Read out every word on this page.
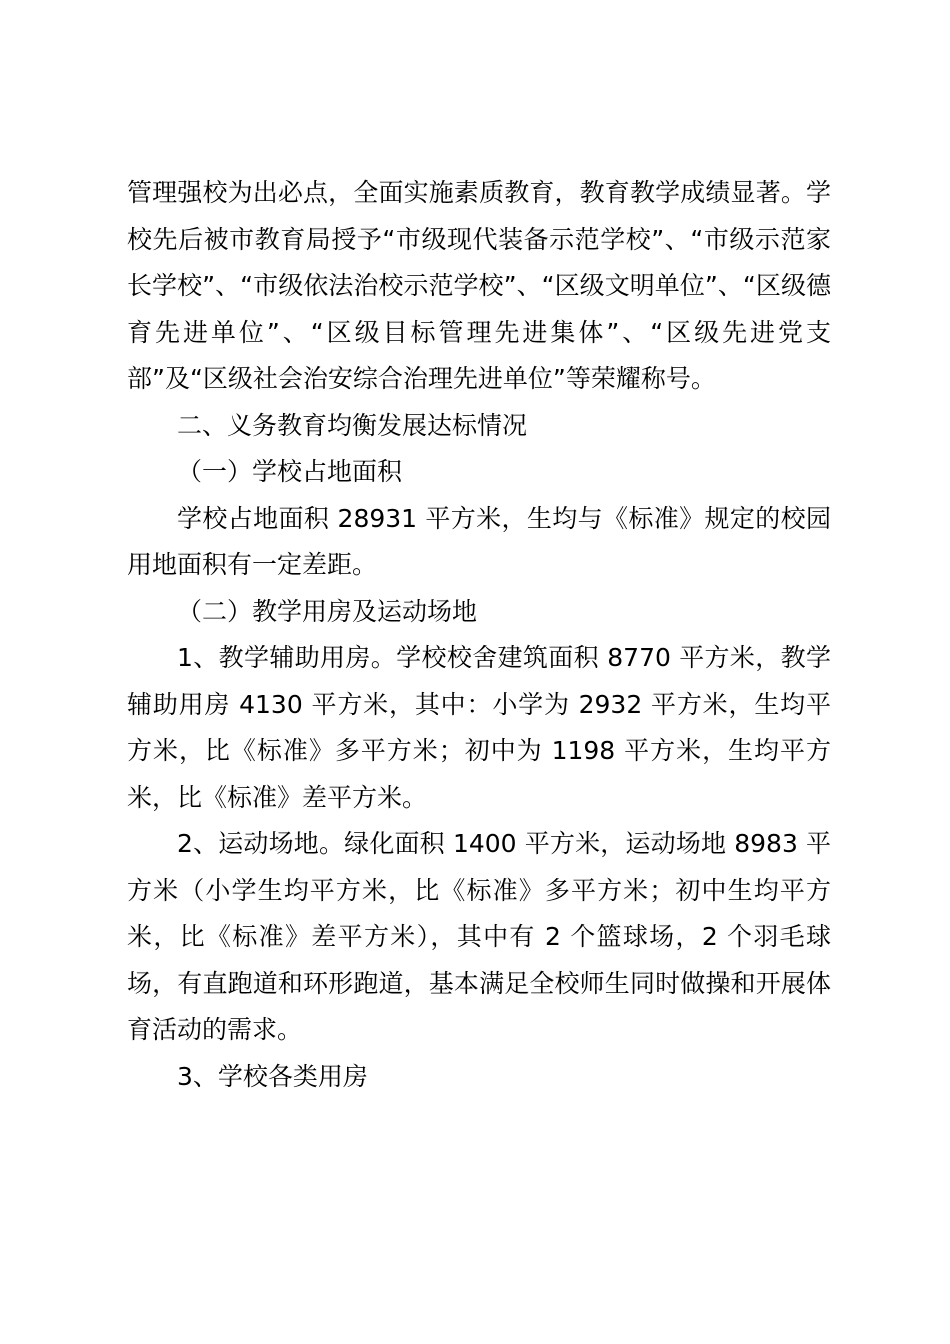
管理强校为出必点，全面实施素质教育，教育教学成绩显著。学校先后被市教育局授予“市级现代装备示范学校”、“市级示范家长学校”、“市级依法治校示范学校”、“区级文明单位”、“区级德育先进单位”、“区级目标管理先进集体”、“区级先进党支部”及“区级社会治安综合治理先进单位”等荣耀称号。

二、义务教育均衡发展达标情况

（一）学校占地面积

学校占地面积 28931 平方米，生均与《标准》规定的校园用地面积有一定差距。

（二）教学用房及运动场地

1、教学辅助用房。学校校舍建筑面积 8770 平方米，教学辅助用房 4130 平方米，其中：小学为 2932 平方米，生均平方米，比《标准》多平方米；初中为 1198 平方米，生均平方米，比《标准》差平方米。

2、运动场地。绿化面积 1400 平方米，运动场地 8983 平方米（小学生均平方米，比《标准》多平方米；初中生均平方米，比《标准》差平方米），其中有 2 个篮球场，2 个羽毛球场，有直跑道和环形跑道，基本满足全校师生同时做操和开展体育活动的需求。

3、学校各类用房
